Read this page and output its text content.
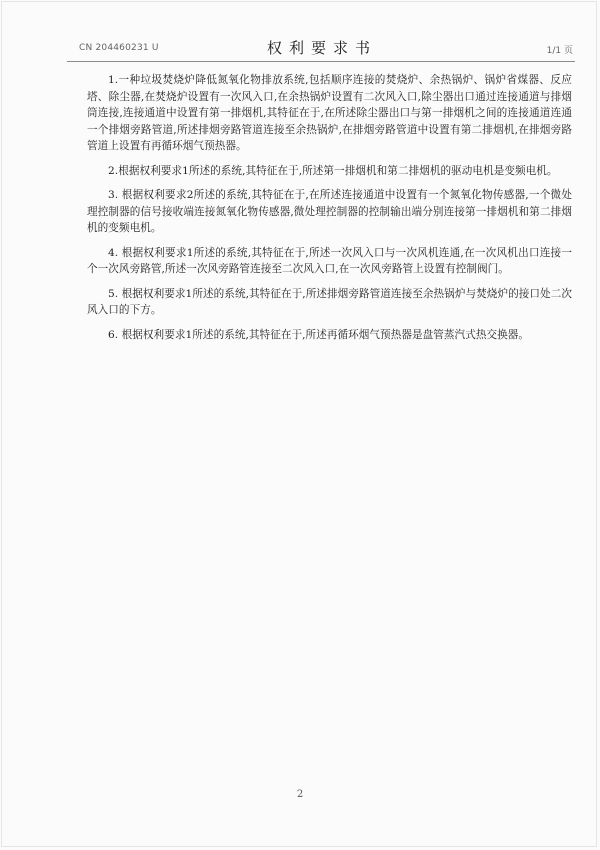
CN 204460231 U	权利要求书	1/1 页

1.一种垃圾焚烧炉降低氮氧化物排放系统,包括顺序连接的焚烧炉、余热锅炉、锅炉省煤器、反应塔、除尘器,在焚烧炉设置有一次风入口,在余热锅炉设置有二次风入口,除尘器出口通过连接通道与排烟筒连接,连接通道中设置有第一排烟机,其特征在于,在所述除尘器出口与第一排烟机之间的连接通道连通一个排烟旁路管道,所述排烟旁路管道连接至余热锅炉,在排烟旁路管道中设置有第二排烟机,在排烟旁路管道上设置有再循环烟气预热器。

2.根据权利要求1所述的系统,其特征在于,所述第一排烟机和第二排烟机的驱动电机是变频电机。

3. 根据权利要求2所述的系统,其特征在于,在所述连接通道中设置有一个氮氧化物传感器,一个微处理控制器的信号接收端连接氮氧化物传感器,微处理控制器的控制输出端分别连接第一排烟机和第二排烟机的变频电机。

4. 根据权利要求1所述的系统,其特征在于,所述一次风入口与一次风机连通,在一次风机出口连接一个一次风旁路管,所述一次风旁路管连接至二次风入口,在一次风旁路管上设置有控制阀门。

5. 根据权利要求1所述的系统,其特征在于,所述排烟旁路管道连接至余热锅炉与焚烧炉的接口处二次风入口的下方。

6. 根据权利要求1所述的系统,其特征在于,所述再循环烟气预热器是盘管蒸汽式热交换器。

2
